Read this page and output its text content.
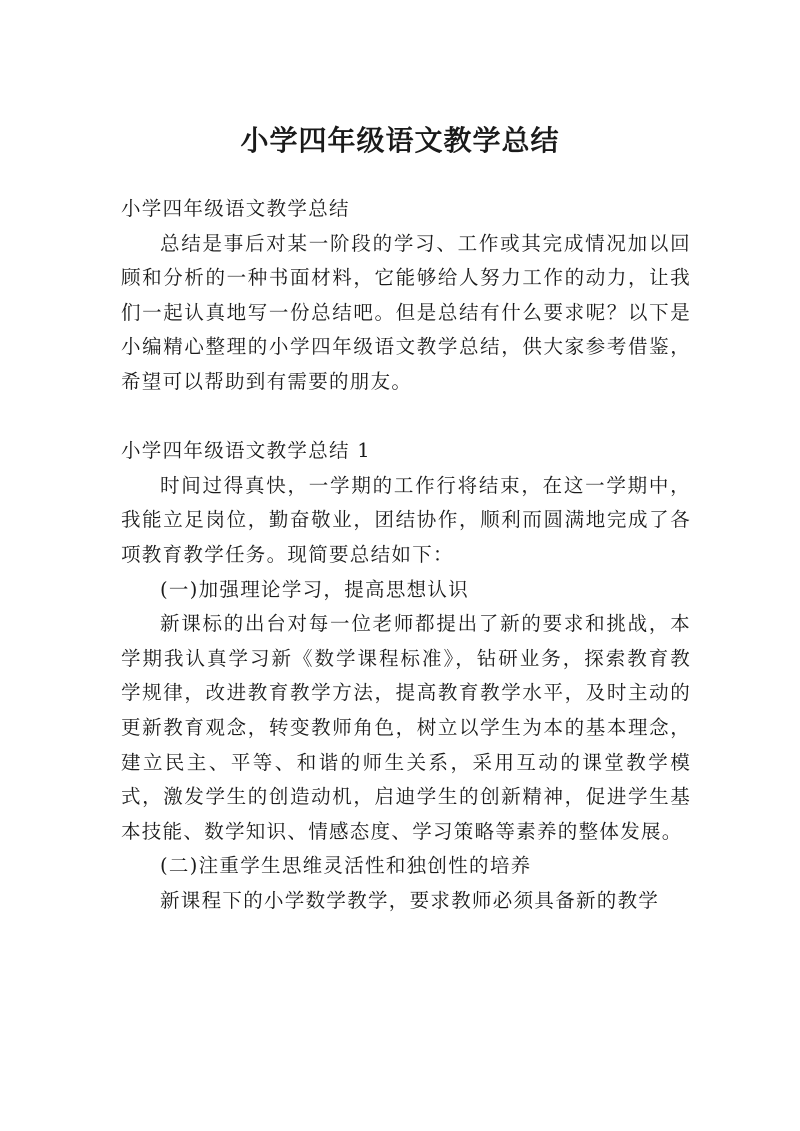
小学四年级语文教学总结

小学四年级语文教学总结

总结是事后对某一阶段的学习、工作或其完成情况加以回顾和分析的一种书面材料，它能够给人努力工作的动力，让我们一起认真地写一份总结吧。但是总结有什么要求呢？以下是小编精心整理的小学四年级语文教学总结，供大家参考借鉴，希望可以帮助到有需要的朋友。

小学四年级语文教学总结 1

时间过得真快，一学期的工作行将结束，在这一学期中，我能立足岗位，勤奋敬业，团结协作，顺利而圆满地完成了各项教育教学任务。现简要总结如下：

(一)加强理论学习，提高思想认识

新课标的出台对每一位老师都提出了新的要求和挑战，本学期我认真学习新《数学课程标准》，钻研业务，探索教育教学规律，改进教育教学方法，提高教育教学水平，及时主动的更新教育观念，转变教师角色，树立以学生为本的基本理念，建立民主、平等、和谐的师生关系，采用互动的课堂教学模式，激发学生的创造动机，启迪学生的创新精神，促进学生基本技能、数学知识、情感态度、学习策略等素养的整体发展。

(二)注重学生思维灵活性和独创性的培养

新课程下的小学数学教学，要求教师必须具备新的教学
